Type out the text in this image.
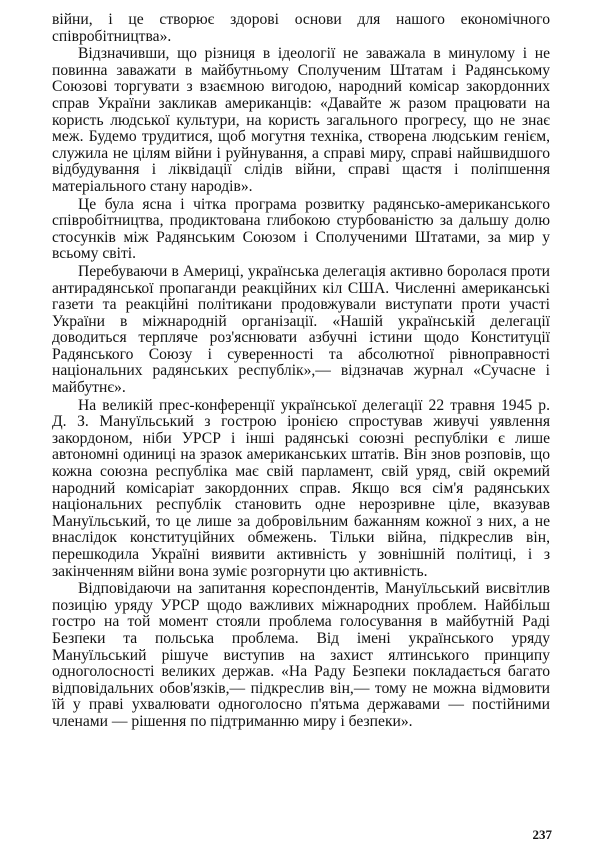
війни, і це створює здорові основи для нашого економічного співробітництва».

Відзначивши, що різниця в ідеології не заважала в минулому і не повинна заважати в майбутньому Сполученим Штатам і Радянському Союзові торгувати з взаємною вигодою, народний комісар закордонних справ України закликав американців: «Давайте ж разом працювати на користь людської культури, на користь загального прогресу, що не знає меж. Будемо трудитися, щоб могутня техніка, створена людським генієм, служила не цілям війни і руйнування, а справі миру, справі найшвидшого відбудування і ліквідації слідів війни, справі щастя і поліпшення матеріального стану народів».

Це була ясна і чітка програма розвитку радянсько-американського співробітництва, продиктована глибокою стурбованістю за дальшу долю стосунків між Радянським Союзом і Сполученими Штатами, за мир у всьому світі.

Перебуваючи в Америці, українська делегація активно боролася проти антирадянської пропаганди реакційних кіл США. Численні американські газети та реакційні політикани продовжували виступати проти участі України в міжнародній організації. «Нашій українській делегації доводиться терпляче роз'яснювати азбучні істини щодо Конституції Радянського Союзу і суверенності та абсолютної рівноправності національних радянських республік»,— відзначав журнал «Сучасне і майбутнє».

На великій прес-конференції української делегації 22 травня 1945 р. Д. З. Мануїльський з гострою іронією спростував живучі уявлення закордоном, ніби УРСР і інші радянські союзні республіки є лише автономні одиниці на зразок американських штатів. Він знов розповів, що кожна союзна республіка має свій парламент, свій уряд, свій окремий народний комісаріат закордонних справ. Якщо вся сім'я радянських національних республік становить одне нерозривне ціле, вказував Мануїльський, то це лише за добровільним бажанням кожної з них, а не внаслідок конституційних обмежень. Тільки війна, підкреслив він, перешкодила Україні виявити активність у зовнішній політиці, і з закінченням війни вона зуміє розгорнути цю активність.

Відповідаючи на запитання кореспондентів, Мануїльський висвітлив позицію уряду УРСР щодо важливих міжнародних проблем. Найбільш гостро на той момент стояли проблема голосування в майбутній Раді Безпеки та польська проблема. Від імені українського уряду Мануїльський рішуче виступив на захист ялтинського принципу одноголосності великих держав. «На Раду Безпеки покладається багато відповідальних обов'язків,— підкреслив він,— тому не можна відмовити їй у праві ухвалювати одноголосно п'ятьма державами — постійними членами — рішення по підтриманню миру і безпеки».

237
